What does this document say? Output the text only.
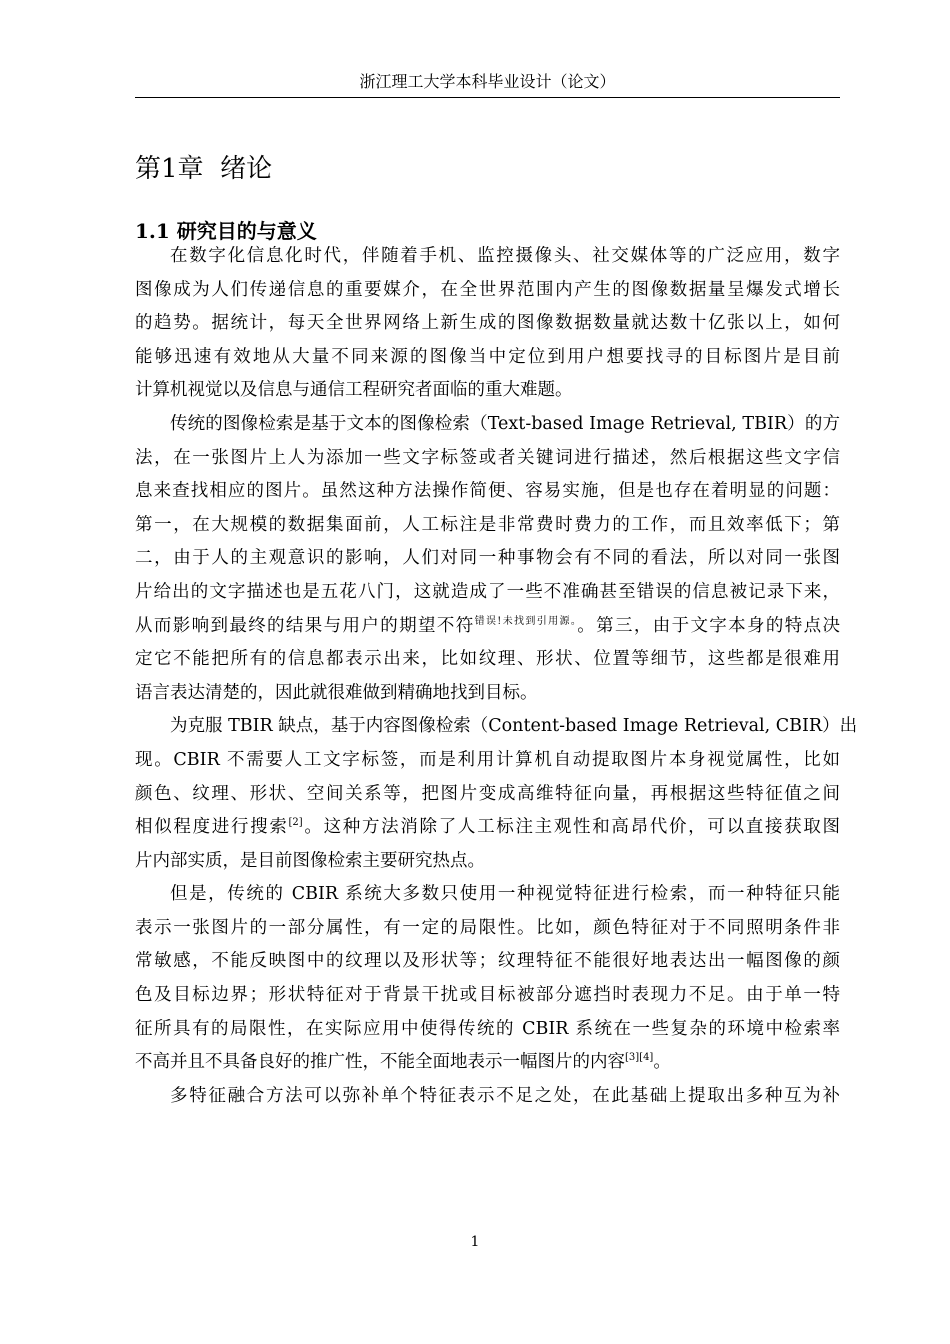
浙江理工大学本科毕业设计（论文）
第1章  绪论
1.1 研究目的与意义
在数字化信息化时代，伴随着手机、监控摄像头、社交媒体等的广泛应用，数字
图像成为人们传递信息的重要媒介，在全世界范围内产生的图像数据量呈爆发式增长
的趋势。据统计，每天全世界网络上新生成的图像数据数量就达数十亿张以上，如何
能够迅速有效地从大量不同来源的图像当中定位到用户想要找寻的目标图片是目前
计算机视觉以及信息与通信工程研究者面临的重大难题。
传统的图像检索是基于文本的图像检索（Text-based Image Retrieval, TBIR）的方
法，在一张图片上人为添加一些文字标签或者关键词进行描述，然后根据这些文字信
息来查找相应的图片。虽然这种方法操作简便、容易实施，但是也存在着明显的问题：
第一，在大规模的数据集面前，人工标注是非常费时费力的工作，而且效率低下；第
二，由于人的主观意识的影响，人们对同一种事物会有不同的看法，所以对同一张图
片给出的文字描述也是五花八门，这就造成了一些不准确甚至错误的信息被记录下来，
从而影响到最终的结果与用户的期望不符$^{错误!未找到引用源。}$。第三，由于文字本身的特点决
定它不能把所有的信息都表示出来，比如纹理、形状、位置等细节，这些都是很难用
语言表达清楚的，因此就很难做到精确地找到目标。
为克服 TBIR 缺点，基于内容图像检索（Content-based Image Retrieval, CBIR）出
现。CBIR 不需要人工文字标签，而是利用计算机自动提取图片本身视觉属性，比如
颜色、纹理、形状、空间关系等，把图片变成高维特征向量，再根据这些特征值之间
相似程度进行搜索[2]。这种方法消除了人工标注主观性和高昂代价，可以直接获取图
片内部实质，是目前图像检索主要研究热点。
但是，传统的 CBIR 系统大多数只使用一种视觉特征进行检索，而一种特征只能
表示一张图片的一部分属性，有一定的局限性。比如，颜色特征对于不同照明条件非
常敏感，不能反映图中的纹理以及形状等；纹理特征不能很好地表达出一幅图像的颜
色及目标边界；形状特征对于背景干扰或目标被部分遮挡时表现力不足。由于单一特
征所具有的局限性，在实际应用中使得传统的 CBIR 系统在一些复杂的环境中检索率
不高并且不具备良好的推广性，不能全面地表示一幅图片的内容[3][4]。
多特征融合方法可以弥补单个特征表示不足之处，在此基础上提取出多种互为补
1
